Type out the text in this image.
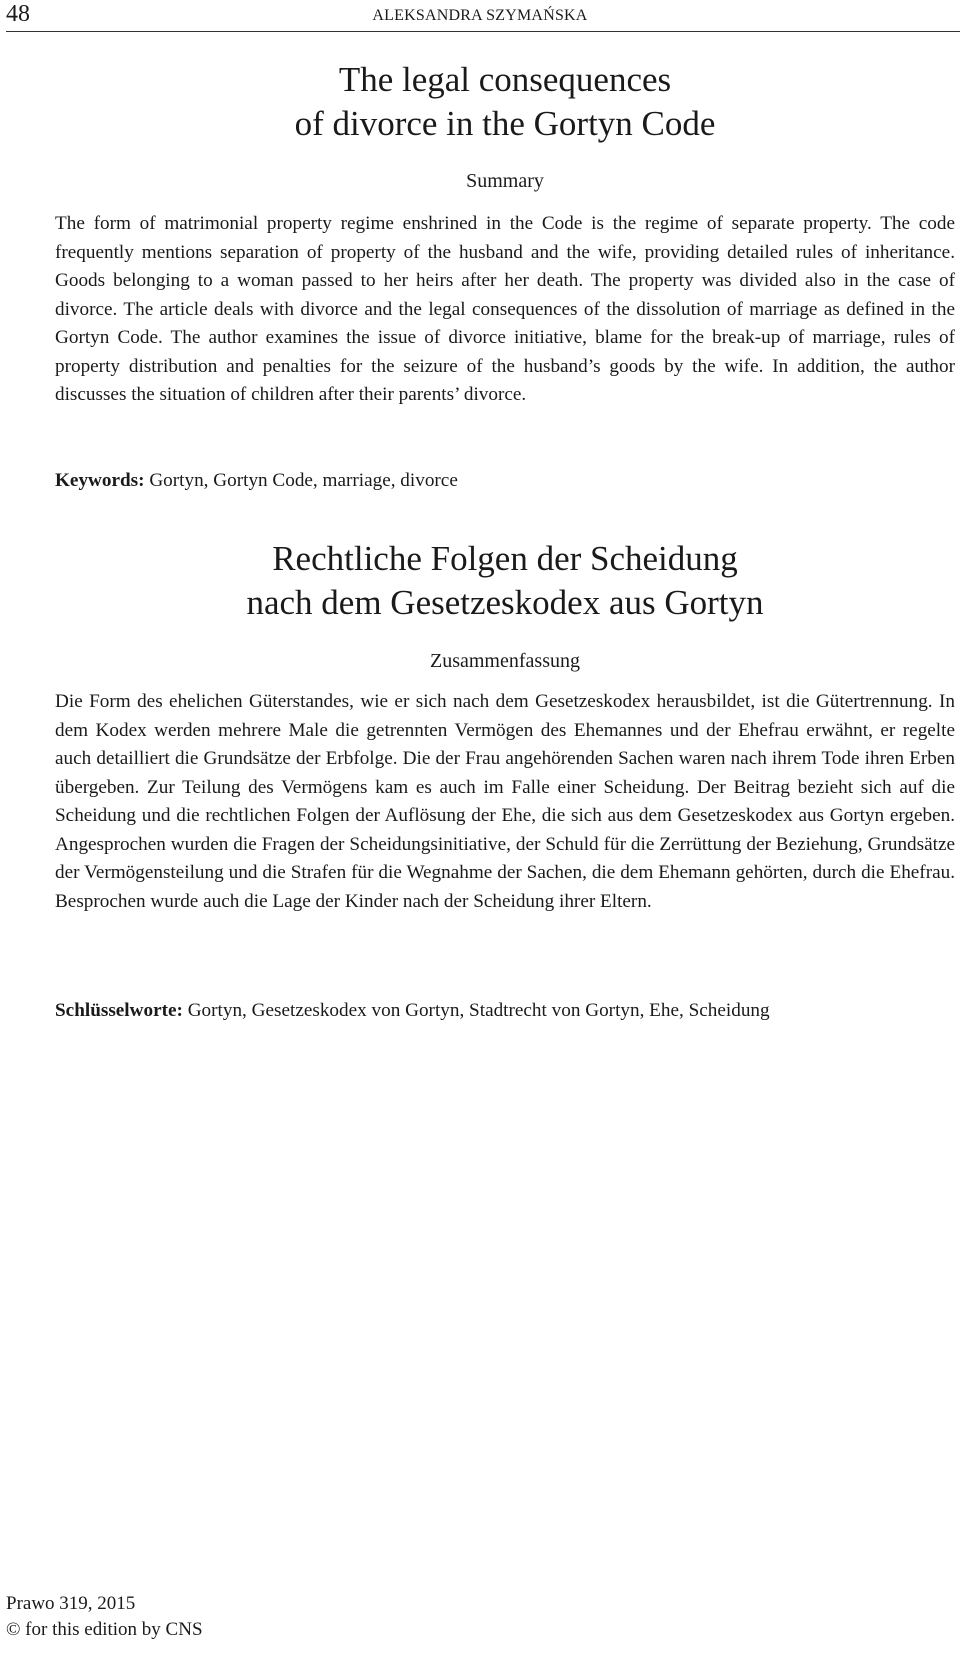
48	ALEKSANDRA SZYMAŃSKA
The legal consequences
of divorce in the Gortyn Code

Summary

The form of matrimonial property regime enshrined in the Code is the regime of separate property. The code frequently mentions separation of property of the husband and the wife, providing detailed rules of inheritance. Goods belonging to a woman passed to her heirs after her death. The property was divided also in the case of divorce. The article deals with divorce and the legal consequences of the dissolution of marriage as defined in the Gortyn Code. The author examines the issue of divorce initiative, blame for the break-up of marriage, rules of property distribution and penalties for the seizure of the husband’s goods by the wife. In addition, the author discusses the situation of children after their parents’ divorce.

Keywords: Gortyn, Gortyn Code, marriage, divorce

Rechtliche Folgen der Scheidung
nach dem Gesetzeskodex aus Gortyn

Zusammenfassung

Die Form des ehelichen Güterstandes, wie er sich nach dem Gesetzeskodex herausbildet, ist die Gütertrennung. In dem Kodex werden mehrere Male die getrennten Vermögen des Ehemannes und der Ehefrau erwähnt, er regelte auch detailliert die Grundsätze der Erbfolge. Die der Frau angehörenden Sachen waren nach ihrem Tode ihren Erben übergeben. Zur Teilung des Vermögens kam es auch im Falle einer Scheidung. Der Beitrag bezieht sich auf die Scheidung und die rechtlichen Folgen der Auflösung der Ehe, die sich aus dem Gesetzeskodex aus Gortyn ergeben. Angesprochen wurden die Fragen der Scheidungsinitiative, der Schuld für die Zerrüttung der Beziehung, Grundsätze der Vermögensteilung und die Strafen für die Wegnahme der Sachen, die dem Ehemann gehörten, durch die Ehefrau. Besprochen wurde auch die Lage der Kinder nach der Scheidung ihrer Eltern.

Schlüsselworte: Gortyn, Gesetzeskodex von Gortyn, Stadtrecht von Gortyn, Ehe, Scheidung

Prawo 319, 2015
© for this edition by CNS
